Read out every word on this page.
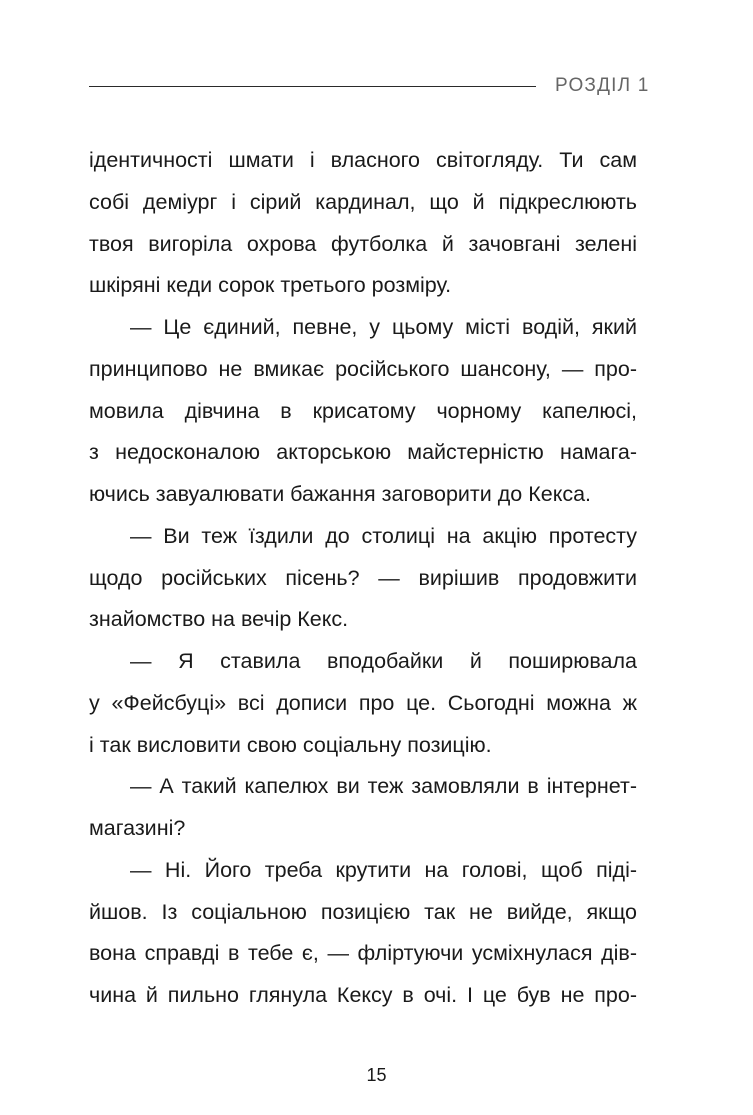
РОЗДІЛ 1
ідентичності шмати і власного світогляду. Ти сам
собі деміург і сірий кардинал, що й підкреслюють
твоя вигоріла охрова футболка й зачовгані зелені
шкіряні кеди сорок третього розміру.
— Це єдиний, певне, у цьому місті водій, який
принципово не вмикає російського шансону, — про-
мовила дівчина в крисатому чорному капелюсі,
з недосконалою акторською майстерністю намага-
ючись завуалювати бажання заговорити до Кекса.
— Ви теж їздили до столиці на акцію протесту
щодо російських пісень? — вирішив продовжити
знайомство на вечір Кекс.
— Я ставила вподобайки й поширювала
у «Фейсбуці» всі дописи про це. Сьогодні можна ж
і так висловити свою соціальну позицію.
— А такий капелюх ви теж замовляли в інтернет-
магазині?
— Ні. Його треба крутити на голові, щоб піді-
йшов. Із соціальною позицією так не вийде, якщо
вона справді в тебе є, — фліртуючи усміхнулася дів-
чина й пильно глянула Кексу в очі. І це був не про-
15
